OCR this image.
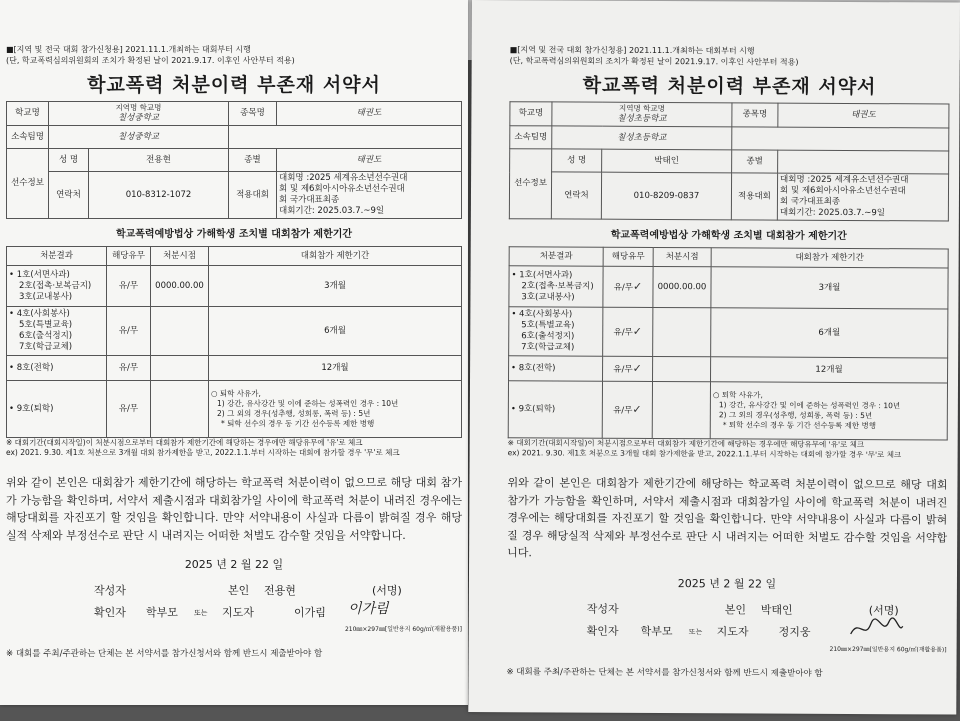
■[지역 및 전국 대회 참가신청용] 2021.11.1.개최하는 대회부터 시행
(단, 학교폭력심의위원회의 조치가 확정된 날이 2021.9.17. 이후인 사안부터 적용)
학교폭력 처분이력 부존재 서약서
학교명	지역명 학교명
칠성중학교		종목명	태권도
소속팀명	칠성중학교			
선수정보	성 명	전용현	종별	태권도
	연락처	010-8312-1072	적용대회	대회명 :2025 세계유소년선수권대
회 및 제6회아시아유소년선수권대
회 국가대표최종
대회기간: 2025.03.7.~9일
학교폭력예방법상 가해학생 조치별 대회참가 제한기간
처분결과	해당유무	처분시점	대회참가 제한기간

• 1호(서면사과)
2호(접촉·보복금지)
3호(교내봉사)	유/무	0000.00.00	3개월

• 4호(사회봉사)
5호(특별교육)
6호(출석정지)
7호(학급교체)	유/무		6개월

• 8호(전학)	유/무		12개월

• 9호(퇴학)	유/무		○ 퇴학 사유가,
1) 강간, 유사강간 및 이에 준하는 성폭력인 경우 : 10년
2) 그 외의 경우(성추행, 성희롱, 폭력 등) : 5년
* 퇴학 선수의 경우 동 기간 선수등록 제한 병행
※ 대회기간(대회시작일)이 처분시점으로부터 대회참가 제한기간에 해당하는 경우에만 해당유무에 '유'로 체크
ex) 2021. 9.30. 제1호 처분으로 3개월 대회 참가제한을 받고, 2022.1.1.부터 시작하는 대회에 참가할 경우 '무'로 체크
위와 같이 본인은 대회참가 제한기간에 해당하는 학교폭력 처분이력이 없으므로 해당 대회 참가가 가능함을 확인하며, 서약서 제출시점과 대회참가일 사이에 학교폭력 처분이 내려진 경우에는 해당대회를 자진포기 할 것임을 확인합니다. 만약 서약내용이 사실과 다름이 밝혀질 경우 해당실적 삭제와 부정선수로 판단 시 내려지는 어떠한 처벌도 감수할 것임을 서약합니다.
2025 년 2 월 22 일
작성자	본인 전용현	(서명)
확인자 학부모 또는 지도자	이가림 이가림
210㎜×297㎜[일반용지 60g/㎡(재활용품)]
※ 대회를 주최/주관하는 단체는 본 서약서를 참가신청서와 함께 반드시 제출받아야 함
■[지역 및 전국 대회 참가신청용] 2021.11.1.개최하는 대회부터 시행
(단, 학교폭력심의위원회의 조치가 확정된 날이 2021.9.17. 이후인 사안부터 적용)
학교폭력 처분이력 부존재 서약서
학교명	지역명 학교명
칠성초등학교		종목명	태권도
소속팀명	칠성초등학교			
선수정보	성 명	박태인	종별	
	연락처	010-8209-0837	적용대회	대회명 :2025 세계유소년선수권대
회 및 제6회아시아유소년선수권대
회 국가대표최종
대회기간: 2025.03.7.~9일
학교폭력예방법상 가해학생 조치별 대회참가 제한기간
처분결과	해당유무	처분시점	대회참가 제한기간

• 1호(서면사과)
2호(접촉·보복금지)
3호(교내봉사)	유/무✓	0000.00.00	3개월

• 4호(사회봉사)
5호(특별교육)
6호(출석정지)
7호(학급교체)	유/무✓		6개월

• 8호(전학)	유/무✓		12개월

• 9호(퇴학)	유/무✓		○ 퇴학 사유가,
1) 강간, 유사강간 및 이에 준하는 성폭력인 경우 : 10년
2) 그 외의 경우(성추행, 성희롱, 폭력 등) : 5년
* 퇴학 선수의 경우 동 기간 선수등록 제한 병행
※ 대회기간(대회시작일)이 처분시점으로부터 대회참가 제한기간에 해당하는 경우에만 해당유무에 '유'로 체크
ex) 2021. 9.30. 제1호 처분으로 3개월 대회 참가제한을 받고, 2022.1.1.부터 시작하는 대회에 참가할 경우 '무'로 체크
위와 같이 본인은 대회참가 제한기간에 해당하는 학교폭력 처분이력이 없으므로 해당 대회 참가가 가능함을 확인하며, 서약서 제출시점과 대회참가일 사이에 학교폭력 처분이 내려진 경우에는 해당대회를 자진포기 할 것임을 확인합니다. 만약 서약내용이 사실과 다름이 밝혀질 경우 해당실적 삭제와 부정선수로 판단 시 내려지는 어떠한 처벌도 감수할 것임을 서약합니다.
2025 년 2 월 22 일
작성자	본인 박태인	(서명)
확인자 학부모 또는 지도자	정지웅
210㎜×297㎜[일반용지 60g/㎡(재활용품)]
※ 대회를 주최/주관하는 단체는 본 서약서를 참가신청서와 함께 반드시 제출받아야 함
